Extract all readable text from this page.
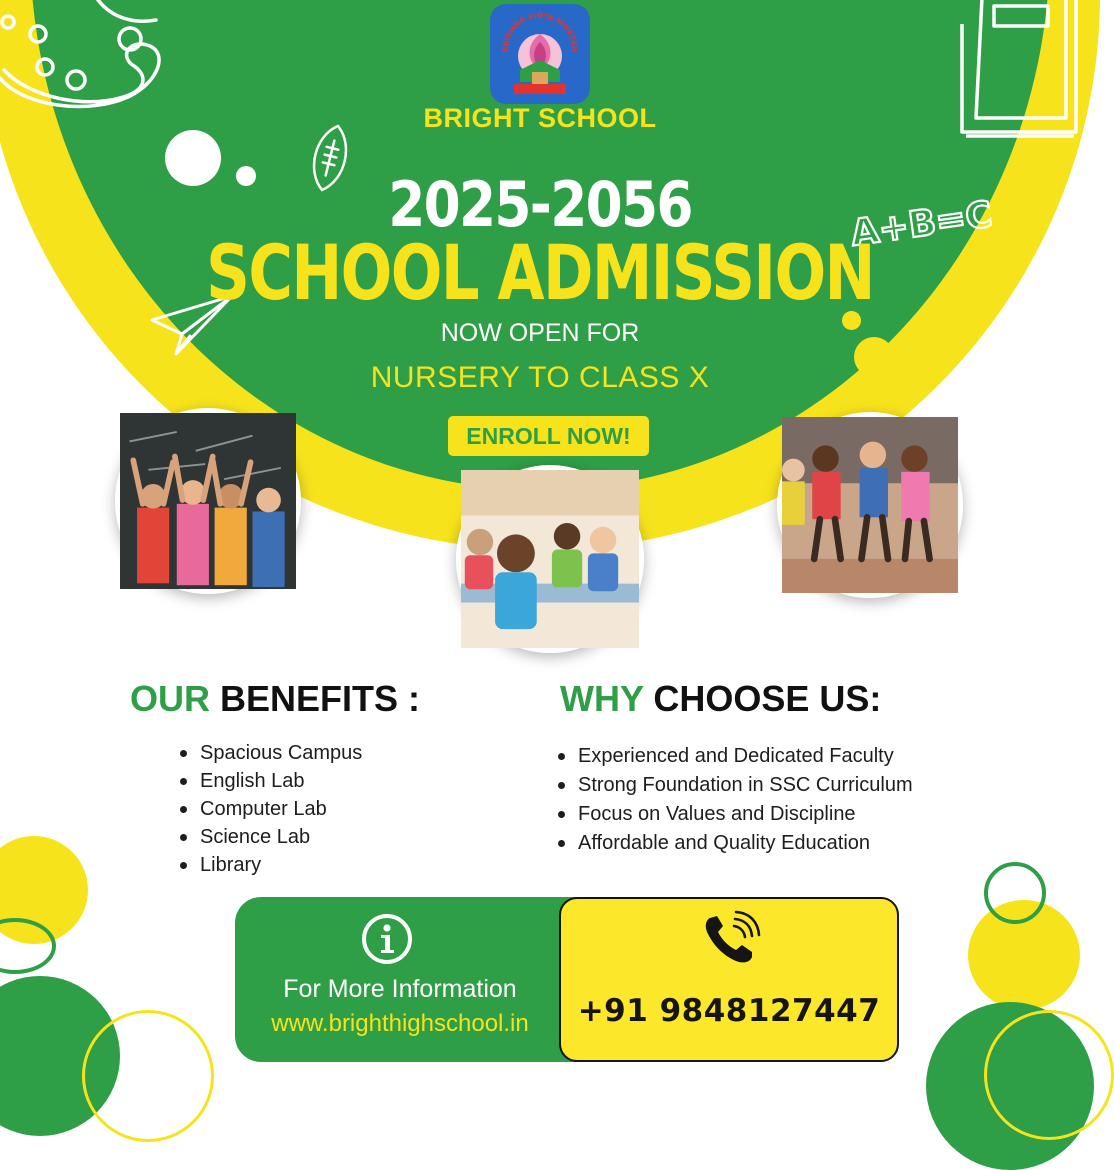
A+B=C
KRISHNA VIDYA NIKETAN
BRIGHT SCHOOL
2025-2056
SCHOOL ADMISSION
NOW OPEN FOR
NURSERY TO CLASS X
ENROLL NOW!
OUR BENEFITS :
Spacious Campus
English Lab
Computer Lab
Science Lab
Library
WHY CHOOSE US:
Experienced and Dedicated Faculty
Strong Foundation in SSC Curriculum
Focus on Values and Discipline
Affordable and Quality Education
For More Information
www.brighthighschool.in	+91 9848127447
